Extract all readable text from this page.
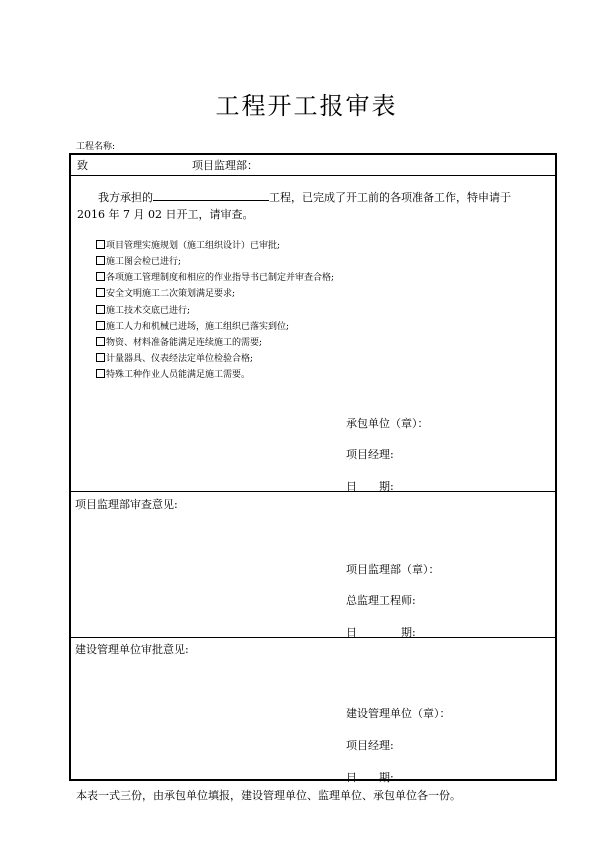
工程开工报审表
工程名称:
致	项目监理部：
我方承担的	工程，已完成了开工前的各项准备工作，特申请于
2016 年 7 月 02 日开工，请审查。
项目管理实施规划（施工组织设计）已审批;
施工图会检已进行;
各项施工管理制度和相应的作业指导书已制定并审查合格;
安全文明施工二次策划满足要求;
施工技术交底已进行;
施工人力和机械已进场，施工组织已落实到位;
物资、材料准备能满足连续施工的需要;
计量器具、仪表经法定单位检验合格;
特殊工种作业人员能满足施工需要。
承包单位（章）：
项目经理:
日　　期:
项目监理部审查意见:
项目监理部（章）：
总监理工程师:
日　　　　期:
建设管理单位审批意见:
建设管理单位（章）：
项目经理:
日　　期:
本表一式三份，由承包单位填报，建设管理单位、监理单位、承包单位各一份。
